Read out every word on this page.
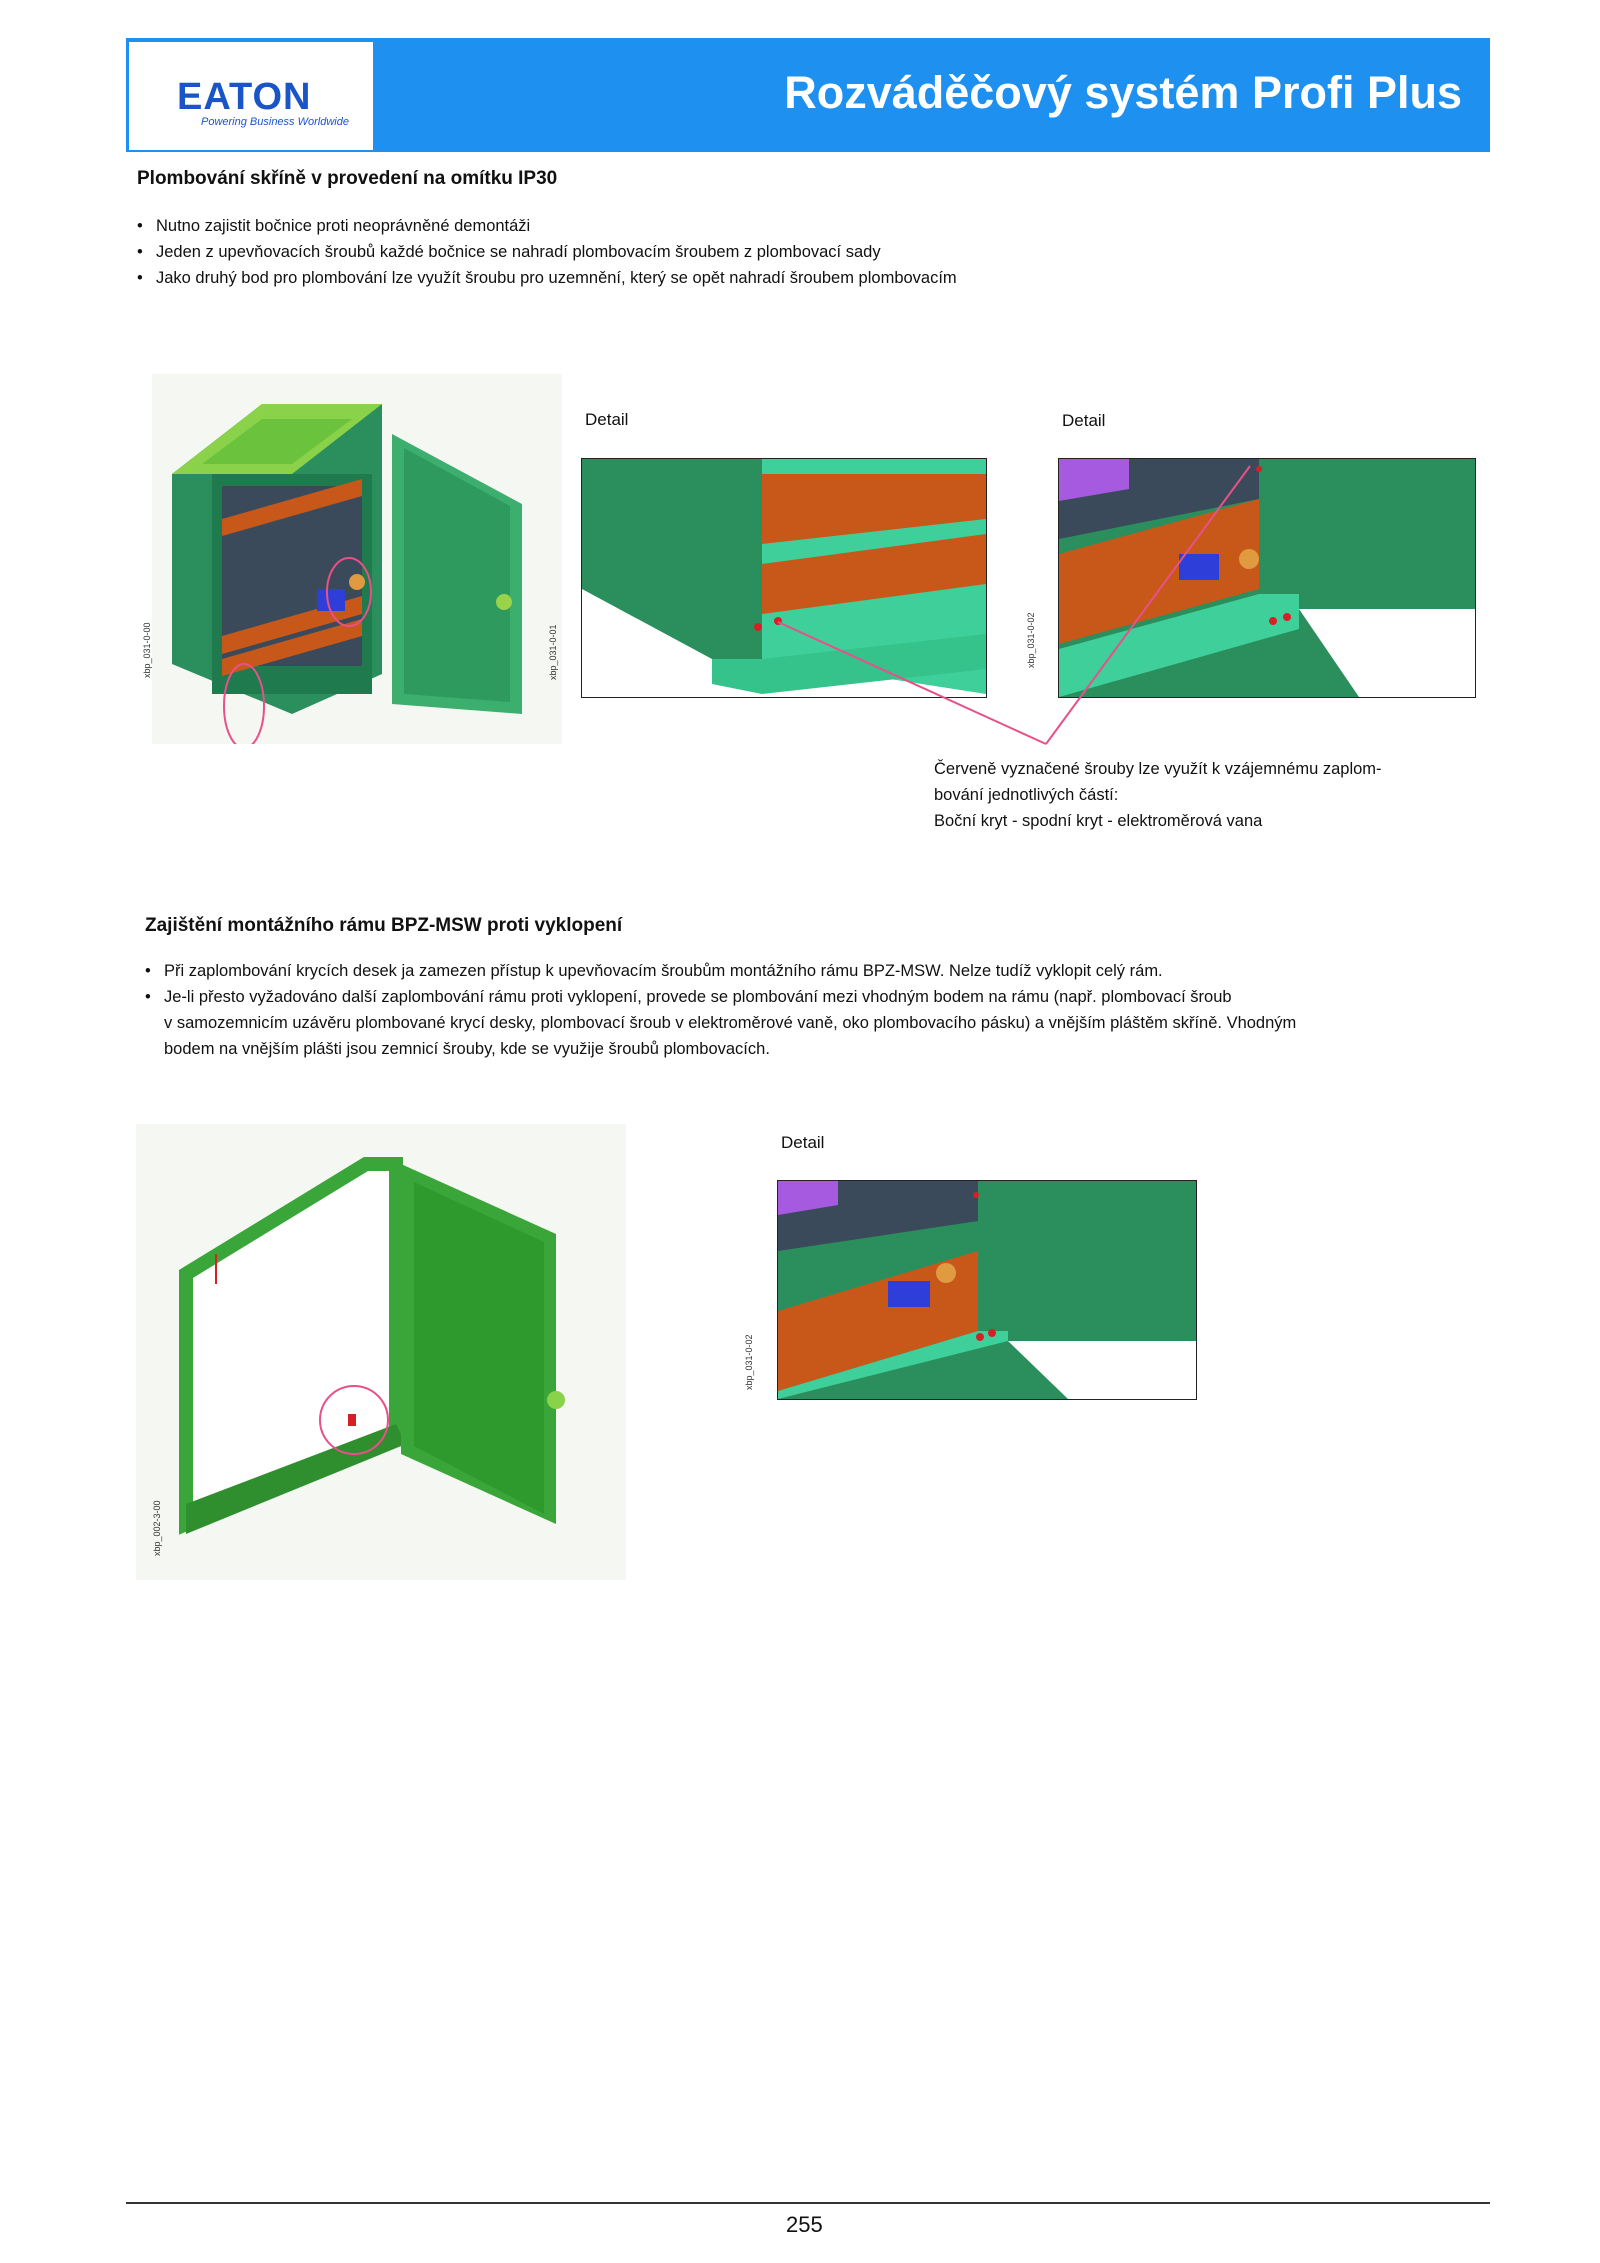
EATON
Powering Business Worldwide
Rozváděčový systém Profi Plus
Plombování skříně v provedení na omítku IP30
• Nutno zajistit bočnice proti neoprávněné demontáži
• Jeden z upevňovacích šroubů každé bočnice se nahradí plombovacím šroubem z plombovací sady
• Jako druhý bod pro plombování lze využít šroubu pro uzemnění, který se opět nahradí šroubem plombovacím
xbp_031-0-00
Detail
xbp_031-0-01
Detail
xbp_031-0-02
Červeně vyznačené šrouby lze využít k vzájemnému zaplom-
bování jednotlivých částí:
Boční kryt - spodní kryt - elektroměrová vana
Zajištění montážního rámu BPZ-MSW proti vyklopení
• Při zaplombování krycích desek ja zamezen přístup k upevňovacím šroubům montážního rámu BPZ-MSW. Nelze tudíž vyklopit celý rám.
• Je-li přesto vyžadováno další zaplombování rámu proti vyklopení, provede se plombování mezi vhodným bodem na rámu (např. plombovací šroub
v samozemnicím uzávěru plombované krycí desky, plombovací šroub v elektroměrové vaně, oko plombovacího pásku) a vnějším pláštěm skříně. Vhodným
bodem na vnějším plášti jsou zemnicí šrouby, kde se využije šroubů plombovacích.
xbp_002-3-00
Detail
xbp_031-0-02
255
